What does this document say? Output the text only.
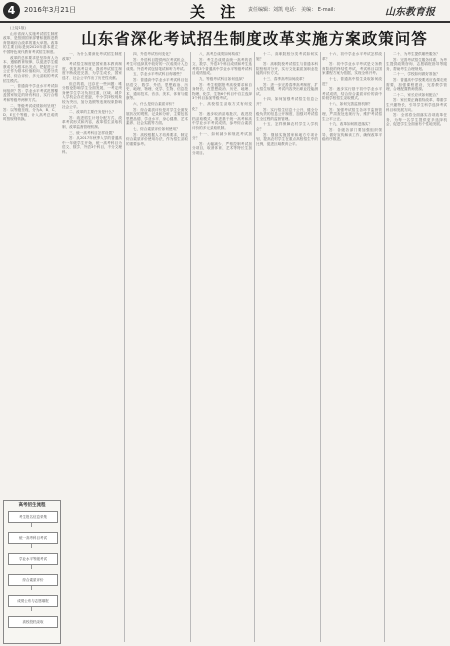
4	2016年3月21日	关 注 责任编辑：刘凯 电话： 美编： E-mail:	山东教育报
山东省深化考试招生制度改革实施方案政策问答

(上接1版)

山东省深入实施考试招生制度改革，是按照国家部署积极推进教育领域综合改革的重大举措。改革的主要目标是到2020年基本建立中国特色现代教育考试招生制度。

改革的总体要求是坚持育人为本、遵循教育规律，以促进学生健康成长为根本出发点，把促进公平公正作为基本价值取向，完善分类考试、综合评价、多元录取的考试招生模式。

一、普通高中学业水平考试如何组织？答：学业水平考试范围覆盖国家规定的所有科目，实行合格考和等级考两种方式。

二、等级考试成绩如何呈现？答：以等级呈现，分为A、B、C、D、E五个等级，计入高考总成绩时按规则转换。

一、为什么要深化考试招生制度改革？

考试招生制度是国家基本教育制度。恢复高考以来，我省考试招生制度不断改进完善，为学生成长、国家选才、社会公平作出了历史性贡献。

但总的看，还存在一些问题：唯分数论影响学生全面发展，一考定终身使学生学习负担过重，区域、城乡入学机会存在差距，中小学择校现象较为突出，加分造假等违规现象影响社会公平。

二、改革的主要任务是什么？

答：改进招生计划分配方式，改革考试形式和内容，改革招生录取机制，改革监督管理机制。

三、统一高考科目怎样设置？

答：从2017年秋季入学的普通高中一年级学生开始，统一高考科目为语文、数学、外语3个科目，不分文理科。

四、外语考试有何变化？

答：外语科目提供两次考试机会，考生可选择其中较好的一次成绩计入总成绩。外语考试包括笔试和听力考试。

五、学业水平考试科目有哪些？

答：普通高中学业水平考试科目包括语文、数学、外语、思想政治、历史、地理、物理、化学、生物、信息技术、通用技术、音乐、美术、体育与健康等。

六、什么是综合素质评价？

答：综合素质评价是对学生全面发展状况的观察、记录和分析，主要包括思想品德、学业水平、身心健康、艺术素养、社会实践等方面。

七、综合素质评价如何使用？

答：高校根据人才培养要求，制定综合素质评价使用办法，作为招生录取的重要参考。

八、高考总成绩如何构成？

答：考生总成绩由统一高考的语文、数学、外语3个科目成绩和考生选考的3个普通高中学业水平等级考试科目成绩组成。

九、等级考试科目如何选择？

答：考生根据报考高校要求和自身特长，在思想政治、历史、地理、物理、化学、生物6个科目中自主选择3个科目参加等级考试。

十、高校招生录取方式有何变化？

答：逐步取消录取批次，改进投档录取模式，推进基于统一高考和高中学业水平考试成绩、参考综合素质评价的多元录取机制。

十一、如何减少和规范考试加分？

答：大幅减少、严格控制考试加分项目，取消体育、艺术等特长生加分项目。

十二、高职院校分类考试如何实施？

答：高职院校考试招生与普通本科院校相对分开，实行文化素质加职业技能的评价方式。

十三、春季高考如何改革？

答：进一步完善春季高考制度，扩大招生规模，考试内容突出职业技能测试。

十四、如何加强考试招生信息公开？

答：实行招生信息十公开，健全分级负责的信息公开制度，加强对考试招生全过程的监督管理。

十五、怎样保障农村学生入学机会？

答：继续实施国家和地方专项计划，提高农村学生在重点高校招生中的比例，促进区域教育公平。

十六、初中学业水平考试怎样改革？

答：初中学业水平考试是义务教育阶段的终结性考试，考试科目以国家课程方案为依据，实现全科开考。

十七、普通高中招生录取如何改进？

答：逐步实行基于初中学业水平考试成绩、结合综合素质评价的高中阶段学校招生录取模式。

十八、如何完善监督机制？

答：加强考试招生各环节监督管理，严肃查处违规行为，维护考试招生公平公正。

十九、改革如何推进落实？

答：各级各部门要加强组织领导，做好宣传解读工作，确保改革平稳有序推进。

二十、为考生提供哪些服务？

答：完善考试招生服务体系，为考生提供政策咨询、志愿填报指导等服务，帮助考生合理规划。

二十一、学校如何做好准备？

答：普通高中学校要适应选课走班需要，加强课程建设，完善教学管理，合理配置教师资源。

二十二、家长应该如何配合？

答：家长要正确看待改革，尊重学生兴趣特长，引导学生科学选择考试科目和发展方向。

答：全省将全面落实各项改革任务，为每一名学生提供更多选择机会，促进学生全面而有个性地发展。

高考招生流程
考生报名信息采集
统一高考科目考试
学业水平等级考试
综合素质评价
成绩公布与志愿填报
高校投档录取
